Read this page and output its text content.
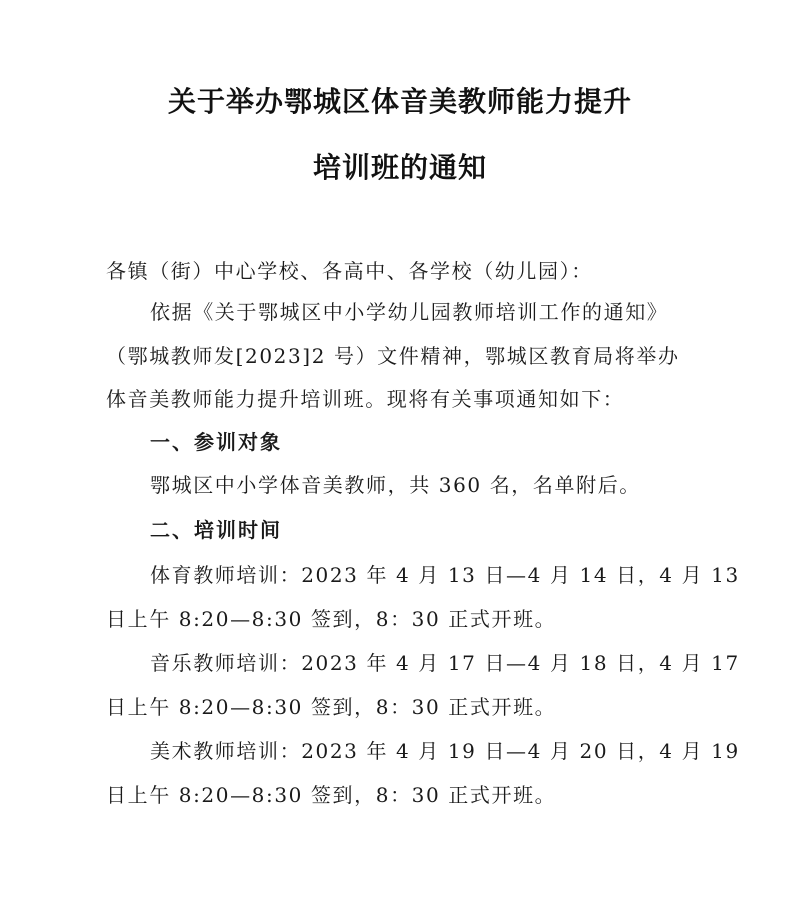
关于举办鄂城区体音美教师能力提升
培训班的通知
各镇（街）中心学校、各高中、各学校（幼儿园）：
依据《关于鄂城区中小学幼儿园教师培训工作的通知》
（鄂城教师发[2023]2 号）文件精神，鄂城区教育局将举办
体音美教师能力提升培训班。现将有关事项通知如下：
一、参训对象
鄂城区中小学体音美教师，共 360 名，名单附后。
二、培训时间
体育教师培训：2023 年 4 月 13 日—4 月 14 日，4 月 13
日上午 8:20—8:30 签到，8：30 正式开班。
音乐教师培训：2023 年 4 月 17 日—4 月 18 日，4 月 17
日上午 8:20—8:30 签到，8：30 正式开班。
美术教师培训：2023 年 4 月 19 日—4 月 20 日，4 月 19
日上午 8:20—8:30 签到，8：30 正式开班。
